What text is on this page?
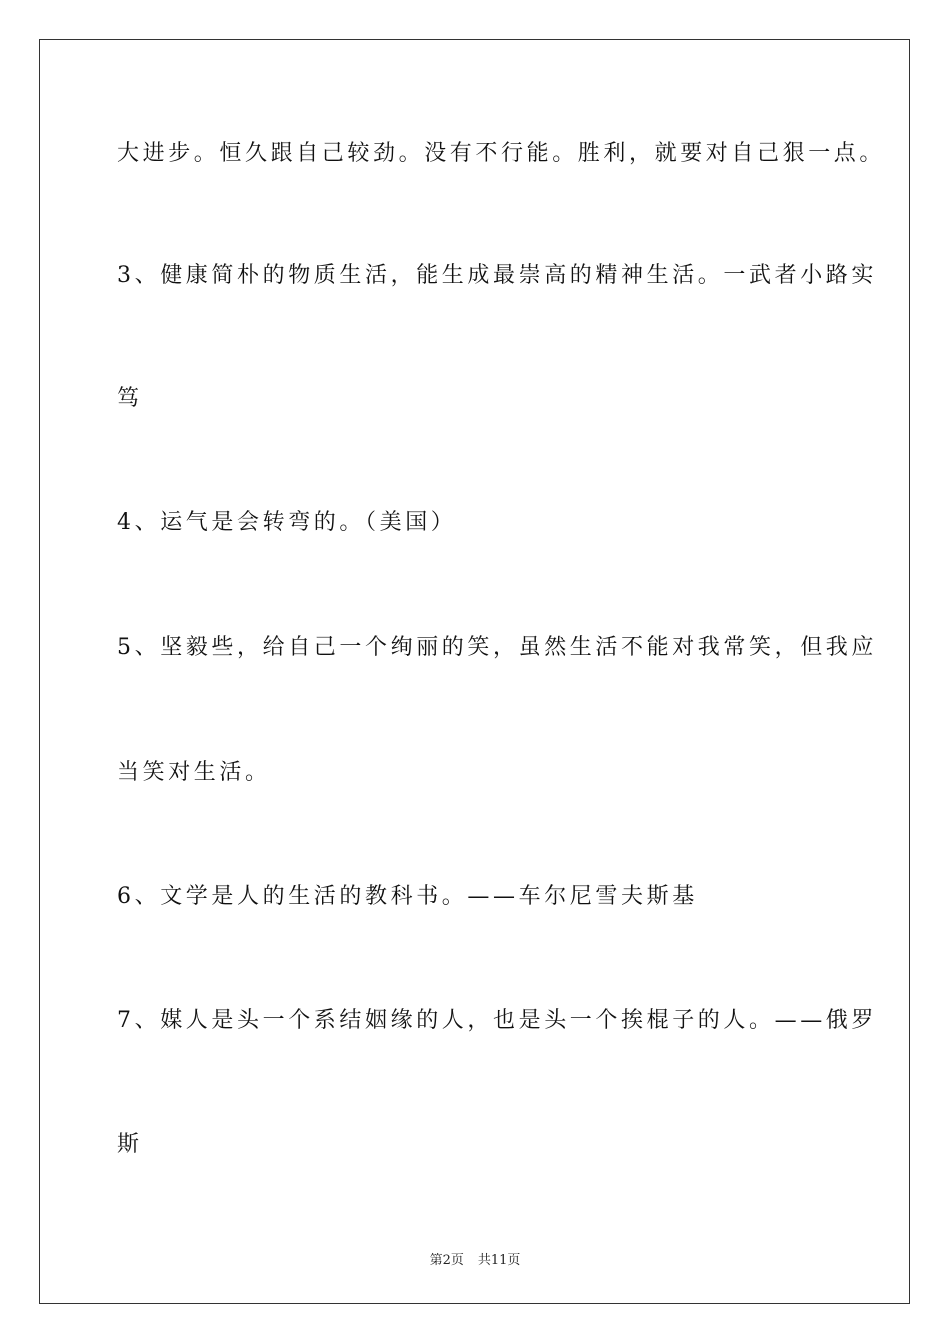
大进步。恒久跟自己较劲。没有不行能。胜利，就要对自己狠一点。
3、健康简朴的物质生活，能生成最崇高的精神生活。一武者小路实
笃
4、运气是会转弯的。（美国）
5、坚毅些，给自己一个绚丽的笑，虽然生活不能对我常笑，但我应
当笑对生活。
6、文学是人的生活的教科书。——车尔尼雪夫斯基
7、媒人是头一个系结姻缘的人，也是头一个挨棍子的人。——俄罗
斯
第2页 共11页
